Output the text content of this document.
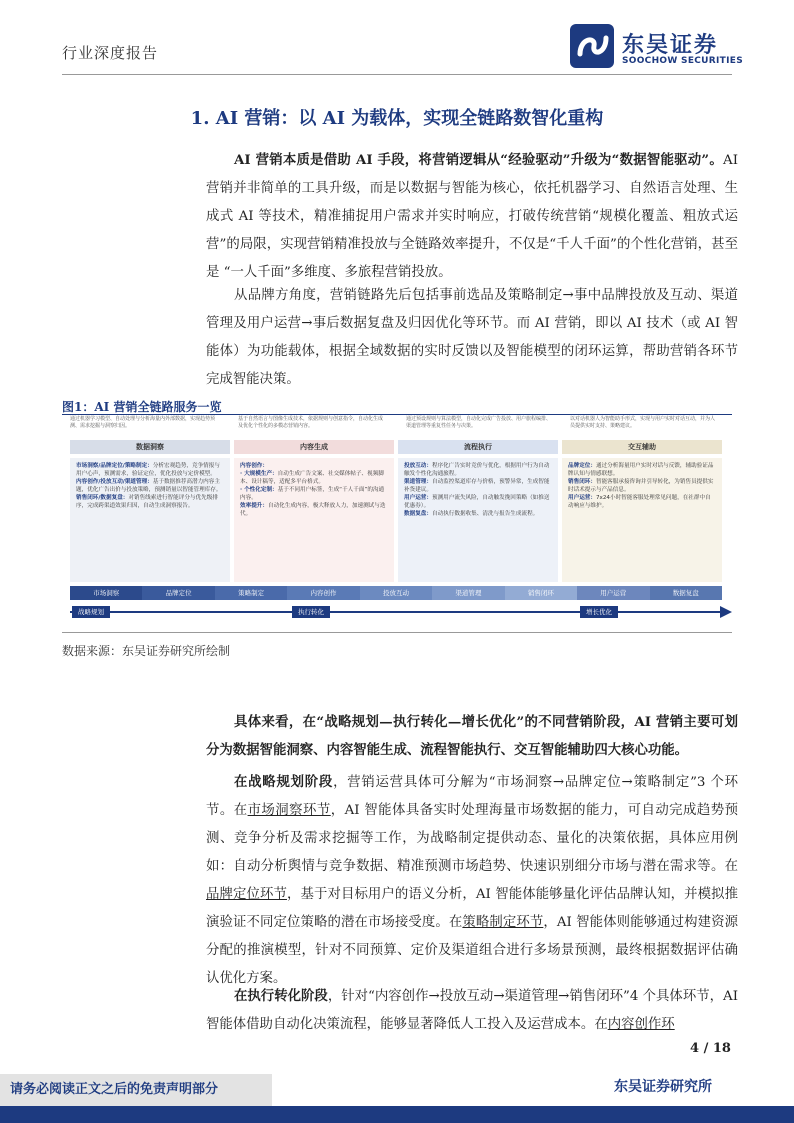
行业深度报告	东吴证券
SOOCHOW SECURITIES
1. AI 营销：以 AI 为载体，实现全链路数智化重构
AI 营销本质是借助 AI 手段，将营销逻辑从“经验驱动”升级为“数据智能驱动”。AI 营销并非简单的工具升级，而是以数据与智能为核心，依托机器学习、自然语言处理、生成式 AI 等技术，精准捕捉用户需求并实时响应，打破传统营销“规模化覆盖、粗放式运营”的局限，实现营销精准投放与全链路效率提升，不仅是“千人千面”的个性化营销，甚至是 “一人千面”多维度、多旅程营销投放。
从品牌方角度，营销链路先后包括事前选品及策略制定→事中品牌投放及互动、渠道管理及用户运营→事后数据复盘及归因优化等环节。而 AI 营销，即以 AI 技术（或 AI 智能体）为功能载体，根据全域数据的实时反馈以及智能模型的闭环运算，帮助营销各环节完成智能决策。
图1：AI 营销全链路服务一览
通过机器学习模型、自动处理与分析海量内外部数据，实现趋势预测、需求挖掘与洞察归因。
数据洞察
市场洞察/品牌定位/策略制定：分析宏观趋势，竞争情报与用户心声，预测需求，验证定位，优化投放与定价模型。
内容创作/投放互动/渠道管理：基于数据推荐高潜力内容主题，优化广告出价与投放策略，预测销量以智能管理库存。
销售闭环/数据复盘：对销售线索进行智能评分与优先级排序，完成跨渠道效果归因，自动生成洞察报告。
基于自然语言与图像生成技术，依据规则与创意指令，自动化生成及优化个性化的多模态营销内容。
内容生成
内容创作：
· 大规模生产：自动生成广告文案、社交媒体帖子、视频脚本、设计稿等，适配多平台格式。
· 个性化定制：基于不同用户标签，生成“千人千面”的沟通内容。
效率提升：自动化生成内容，极大释放人力，加速测试与迭代。
通过预设规则与算法模型，自动化完成广告投放、用户旅程编排、渠道管理等重复性任务与决策。
流程执行
投放互动：程序化广告实时竞价与优化，根据用户行为自动触发个性化沟通旅程。
渠道管理：自动监控渠道库存与价格，预警异常，生成智能补货建议。
用户运营：预测用户流失风险，自动触发挽回策略（如推送优惠券）。
数据复盘：自动执行数据收集、清洗与报告生成流程。
以对话机器人为智能助手形式，实现与用户实时对话互动，并为人员提供实时支持、策略建议。
交互辅助
品牌定位：通过分析海量用户实时对话与反馈，辅助验证品牌认知与情感联想。
销售闭环：智能客服承接咨询并引导转化，为销售员提供实时话术提示与产品信息。
用户运营：7x24小时智能客服处理常见问题，在社群中自动响应与维护。
市场洞察	品牌定位	策略制定	内容创作	投放互动	渠道管理	销售闭环	用户运营	数据复盘
战略规划	执行转化	增长优化
数据来源：东吴证券研究所绘制
具体来看，在“战略规划—执行转化—增长优化”的不同营销阶段，AI 营销主要可划分为数据智能洞察、内容智能生成、流程智能执行、交互智能辅助四大核心功能。
在战略规划阶段，营销运营具体可分解为“市场洞察→品牌定位→策略制定”3 个环节。在市场洞察环节，AI 智能体具备实时处理海量市场数据的能力，可自动完成趋势预测、竞争分析及需求挖掘等工作，为战略制定提供动态、量化的决策依据，具体应用例如：自动分析舆情与竞争数据、精准预测市场趋势、快速识别细分市场与潜在需求等。在品牌定位环节，基于对目标用户的语义分析，AI 智能体能够量化评估品牌认知，并模拟推演验证不同定位策略的潜在市场接受度。在策略制定环节，AI 智能体则能够通过构建资源分配的推演模型，针对不同预算、定价及渠道组合进行多场景预测，最终根据数据评估确认优化方案。
在执行转化阶段，针对“内容创作→投放互动→渠道管理→销售闭环”4 个具体环节，AI 智能体借助自动化决策流程，能够显著降低人工投入及运营成本。在内容创作环
4 / 18
请务必阅读正文之后的免责声明部分	东吴证券研究所
